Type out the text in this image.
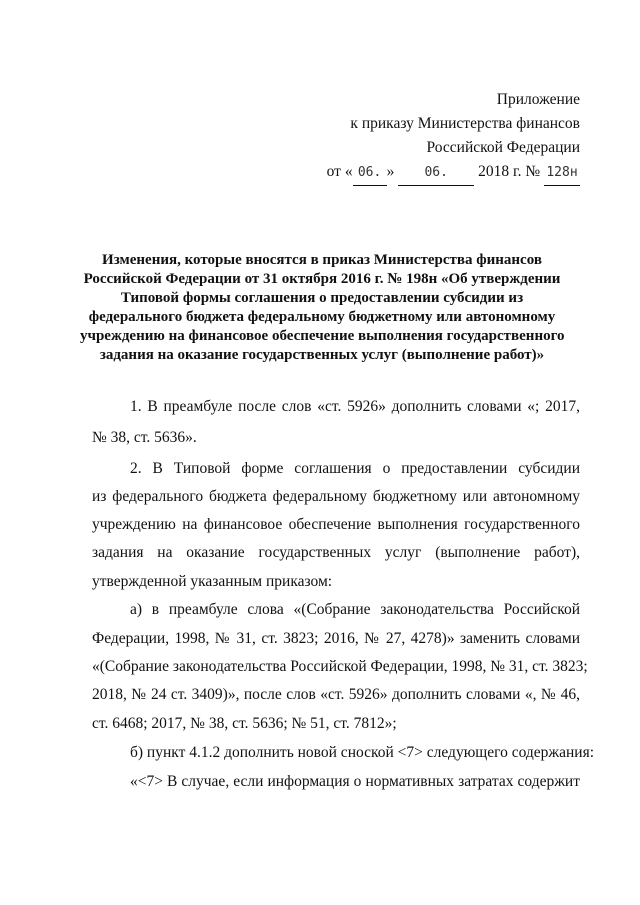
Приложение
к приказу Министерства финансов
Российской Федерации
от « 06. » 06. 2018 г. № 128н
Изменения, которые вносятся в приказ Министерства финансов
Российской Федерации от 31 октября 2016 г. № 198н «Об утверждении
Типовой формы соглашения о предоставлении субсидии из
федерального бюджета федеральному бюджетному или автономному
учреждению на финансовое обеспечение выполнения государственного
задания на оказание государственных услуг (выполнение работ)»
1. В преамбуле после слов «ст. 5926» дополнить словами «; 2017,
№ 38, ст. 5636».
2. В Типовой форме соглашения о предоставлении субсидии
из федерального бюджета федеральному бюджетному или автономному
учреждению на финансовое обеспечение выполнения государственного
задания на оказание государственных услуг (выполнение работ),
утвержденной указанным приказом:
а) в преамбуле слова «(Собрание законодательства Российской
Федерации, 1998, № 31, ст. 3823; 2016, № 27, 4278)» заменить словами
«(Собрание законодательства Российской Федерации, 1998, № 31, ст. 3823;
2018, № 24 ст. 3409)», после слов «ст. 5926» дополнить словами «, № 46,
ст. 6468; 2017, № 38, ст. 5636; № 51, ст. 7812»;
б) пункт 4.1.2 дополнить новой сноской <7> следующего содержания:
«<7> В случае, если информация о нормативных затратах содержит
